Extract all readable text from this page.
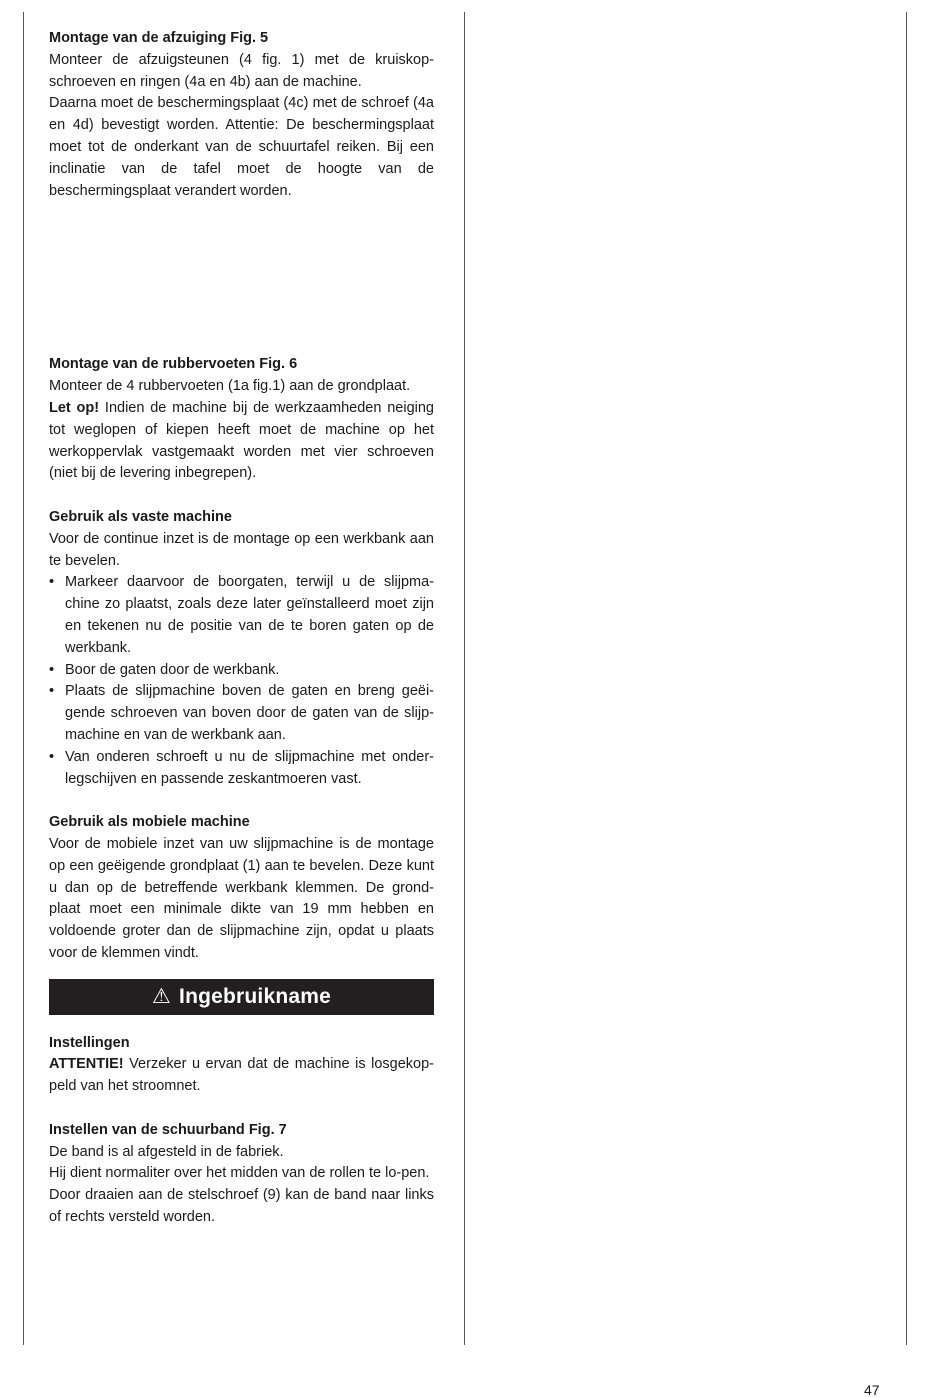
Montage van de afzuiging Fig. 5

Monteer de afzuigsteunen (4 fig. 1) met de kruiskop-schroeven en ringen (4a en 4b) aan de machine.

Daarna moet de beschermingsplaat (4c) met de schroef (4a en 4d) bevestigt worden. Attentie: De beschermingsplaat moet tot de onderkant van de schuurtafel reiken. Bij een inclinatie van de tafel moet de hoogte van de beschermingsplaat verandert worden.

Montage van de rubbervoeten Fig. 6

Monteer de 4 rubbervoeten (1a fig.1) aan de grondplaat.

Let op! Indien de machine bij de werkzaamheden neiging tot weglopen of kiepen heeft moet de machine op het werkoppervlak vastgemaakt worden met vier schroeven (niet bij de levering inbegrepen).

Gebruik als vaste machine

Voor de continue inzet is de montage op een werkbank aan te bevelen.

• Markeer daarvoor de boorgaten, terwijl u de slijpma-chine zo plaatst, zoals deze later geïnstalleerd moet zijn en tekenen nu de positie van de te boren gaten op de werkbank.
• Boor de gaten door de werkbank.
• Plaats de slijpmachine boven de gaten en breng geëi-gende schroeven van boven door de gaten van de slijp-machine en van de werkbank aan.
• Van onderen schroeft u nu de slijpmachine met onder-legschijven en passende zeskantmoeren vast.
Gebruik als mobiele machine

Voor de mobiele inzet van uw slijpmachine is de montage op een geëigende grondplaat (1) aan te bevelen. Deze kunt u dan op de betreffende werkbank klemmen. De grond-plaat moet een minimale dikte van 19 mm hebben en voldoende groter dan de slijpmachine zijn, opdat u plaats voor de klemmen vindt.

⚠ Ingebruikname
Instellingen

ATTENTIE! Verzeker u ervan dat de machine is losgekop-peld van het stroomnet.

Instellen van de schuurband Fig. 7

De band is al afgesteld in de fabriek.

Hij dient normaliter over het midden van de rollen te lo-pen.

Door draaien aan de stelschroef (9) kan de band naar links of rechts versteld worden.

47
